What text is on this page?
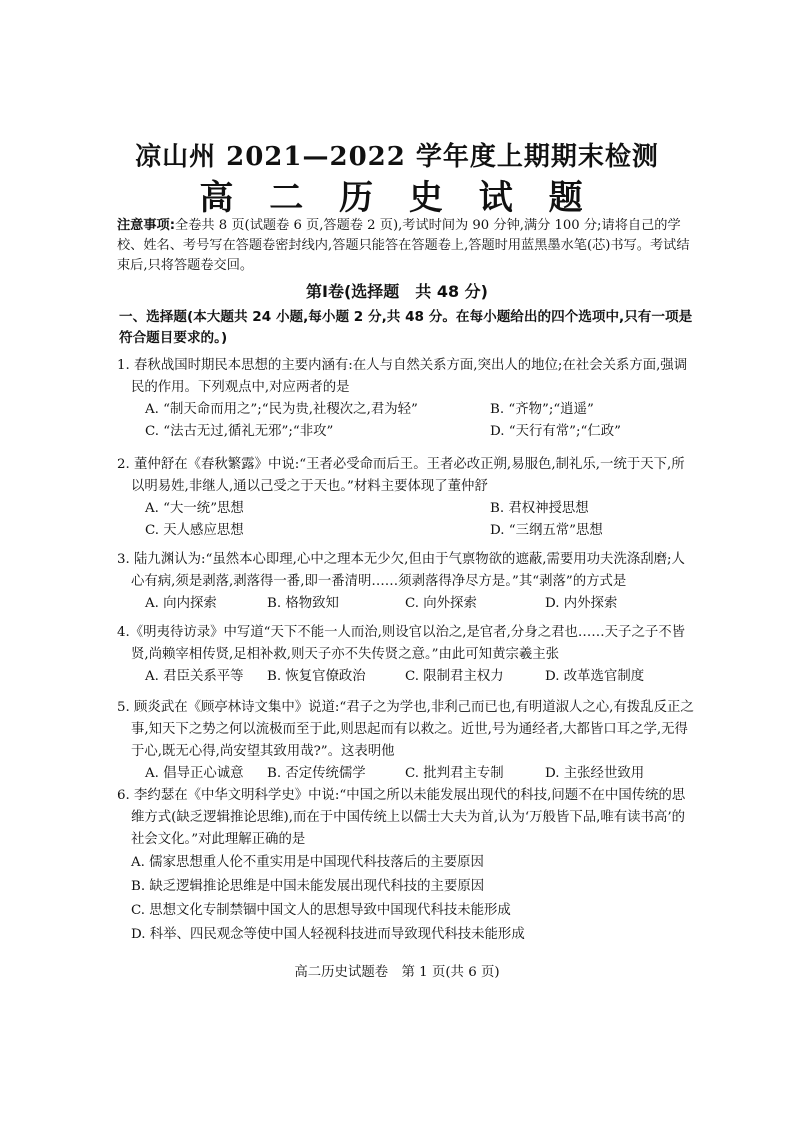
凉山州 2021—2022 学年度上期期末检测
高 二 历 史 试 题
注意事项:全卷共 8 页(试题卷 6 页,答题卷 2 页),考试时间为 90 分钟,满分 100 分;请将自己的学校、姓名、考号写在答题卷密封线内,答题只能答在答题卷上,答题时用蓝黑墨水笔(芯)书写。考试结束后,只将答题卷交回。
第Ⅰ卷(选择题　共 48 分)
一、选择题(本大题共 24 小题,每小题 2 分,共 48 分。在每小题给出的四个选项中,只有一项是符合题目要求的。)
1. 春秋战国时期民本思想的主要内涵有:在人与自然关系方面,突出人的地位;在社会关系方面,强调民的作用。下列观点中,对应两者的是
A. “制天命而用之”;“民为贵,社稷次之,君为轻”	B. “齐物”;“逍遥”
C. “法古无过,循礼无邪”;“非攻”	D. “天行有常”;“仁政”
2. 董仲舒在《春秋繁露》中说:“王者必受命而后王。王者必改正朔,易服色,制礼乐,一统于天下,所以明易姓,非继人,通以己受之于天也。”材料主要体现了董仲舒
A. “大一统”思想	B. 君权神授思想
C. 天人感应思想	D. “三纲五常”思想
3. 陆九渊认为:“虽然本心即理,心中之理本无少欠,但由于气禀物欲的遮蔽,需要用功夫洗涤刮磨;人心有病,须是剥落,剥落得一番,即一番清明……须剥落得净尽方是。”其“剥落”的方式是
A. 向内探索	B. 格物致知	C. 向外探索	D. 内外探索
4.《明夷待访录》中写道“天下不能一人而治,则设官以治之,是官者,分身之君也……天子之子不皆贤,尚赖宰相传贤,足相补救,则天子亦不失传贤之意。”由此可知黄宗羲主张
A. 君臣关系平等 B. 恢复官僚政治	C. 限制君主权力	D. 改革选官制度
5. 顾炎武在《顾亭林诗文集中》说道:“君子之为学也,非利己而已也,有明道淑人之心,有拨乱反正之事,知天下之势之何以流极而至于此,则思起而有以救之。近世,号为通经者,大都皆口耳之学,无得于心,既无心得,尚安望其致用哉?”。这表明他
A. 倡导正心诚意 B. 否定传统儒学	C. 批判君主专制	D. 主张经世致用
6. 李约瑟在《中华文明科学史》中说:“中国之所以未能发展出现代的科技,问题不在中国传统的思维方式(缺乏逻辑推论思维),而在于中国传统上以儒士大夫为首,认为‘万般皆下品,唯有读书高’的社会文化。”对此理解正确的是
A. 儒家思想重人伦不重实用是中国现代科技落后的主要原因
B. 缺乏逻辑推论思维是中国未能发展出现代科技的主要原因
C. 思想文化专制禁锢中国文人的思想导致中国现代科技未能形成
D. 科举、四民观念等使中国人轻视科技进而导致现代科技未能形成
高二历史试题卷　第 1 页(共 6 页)
